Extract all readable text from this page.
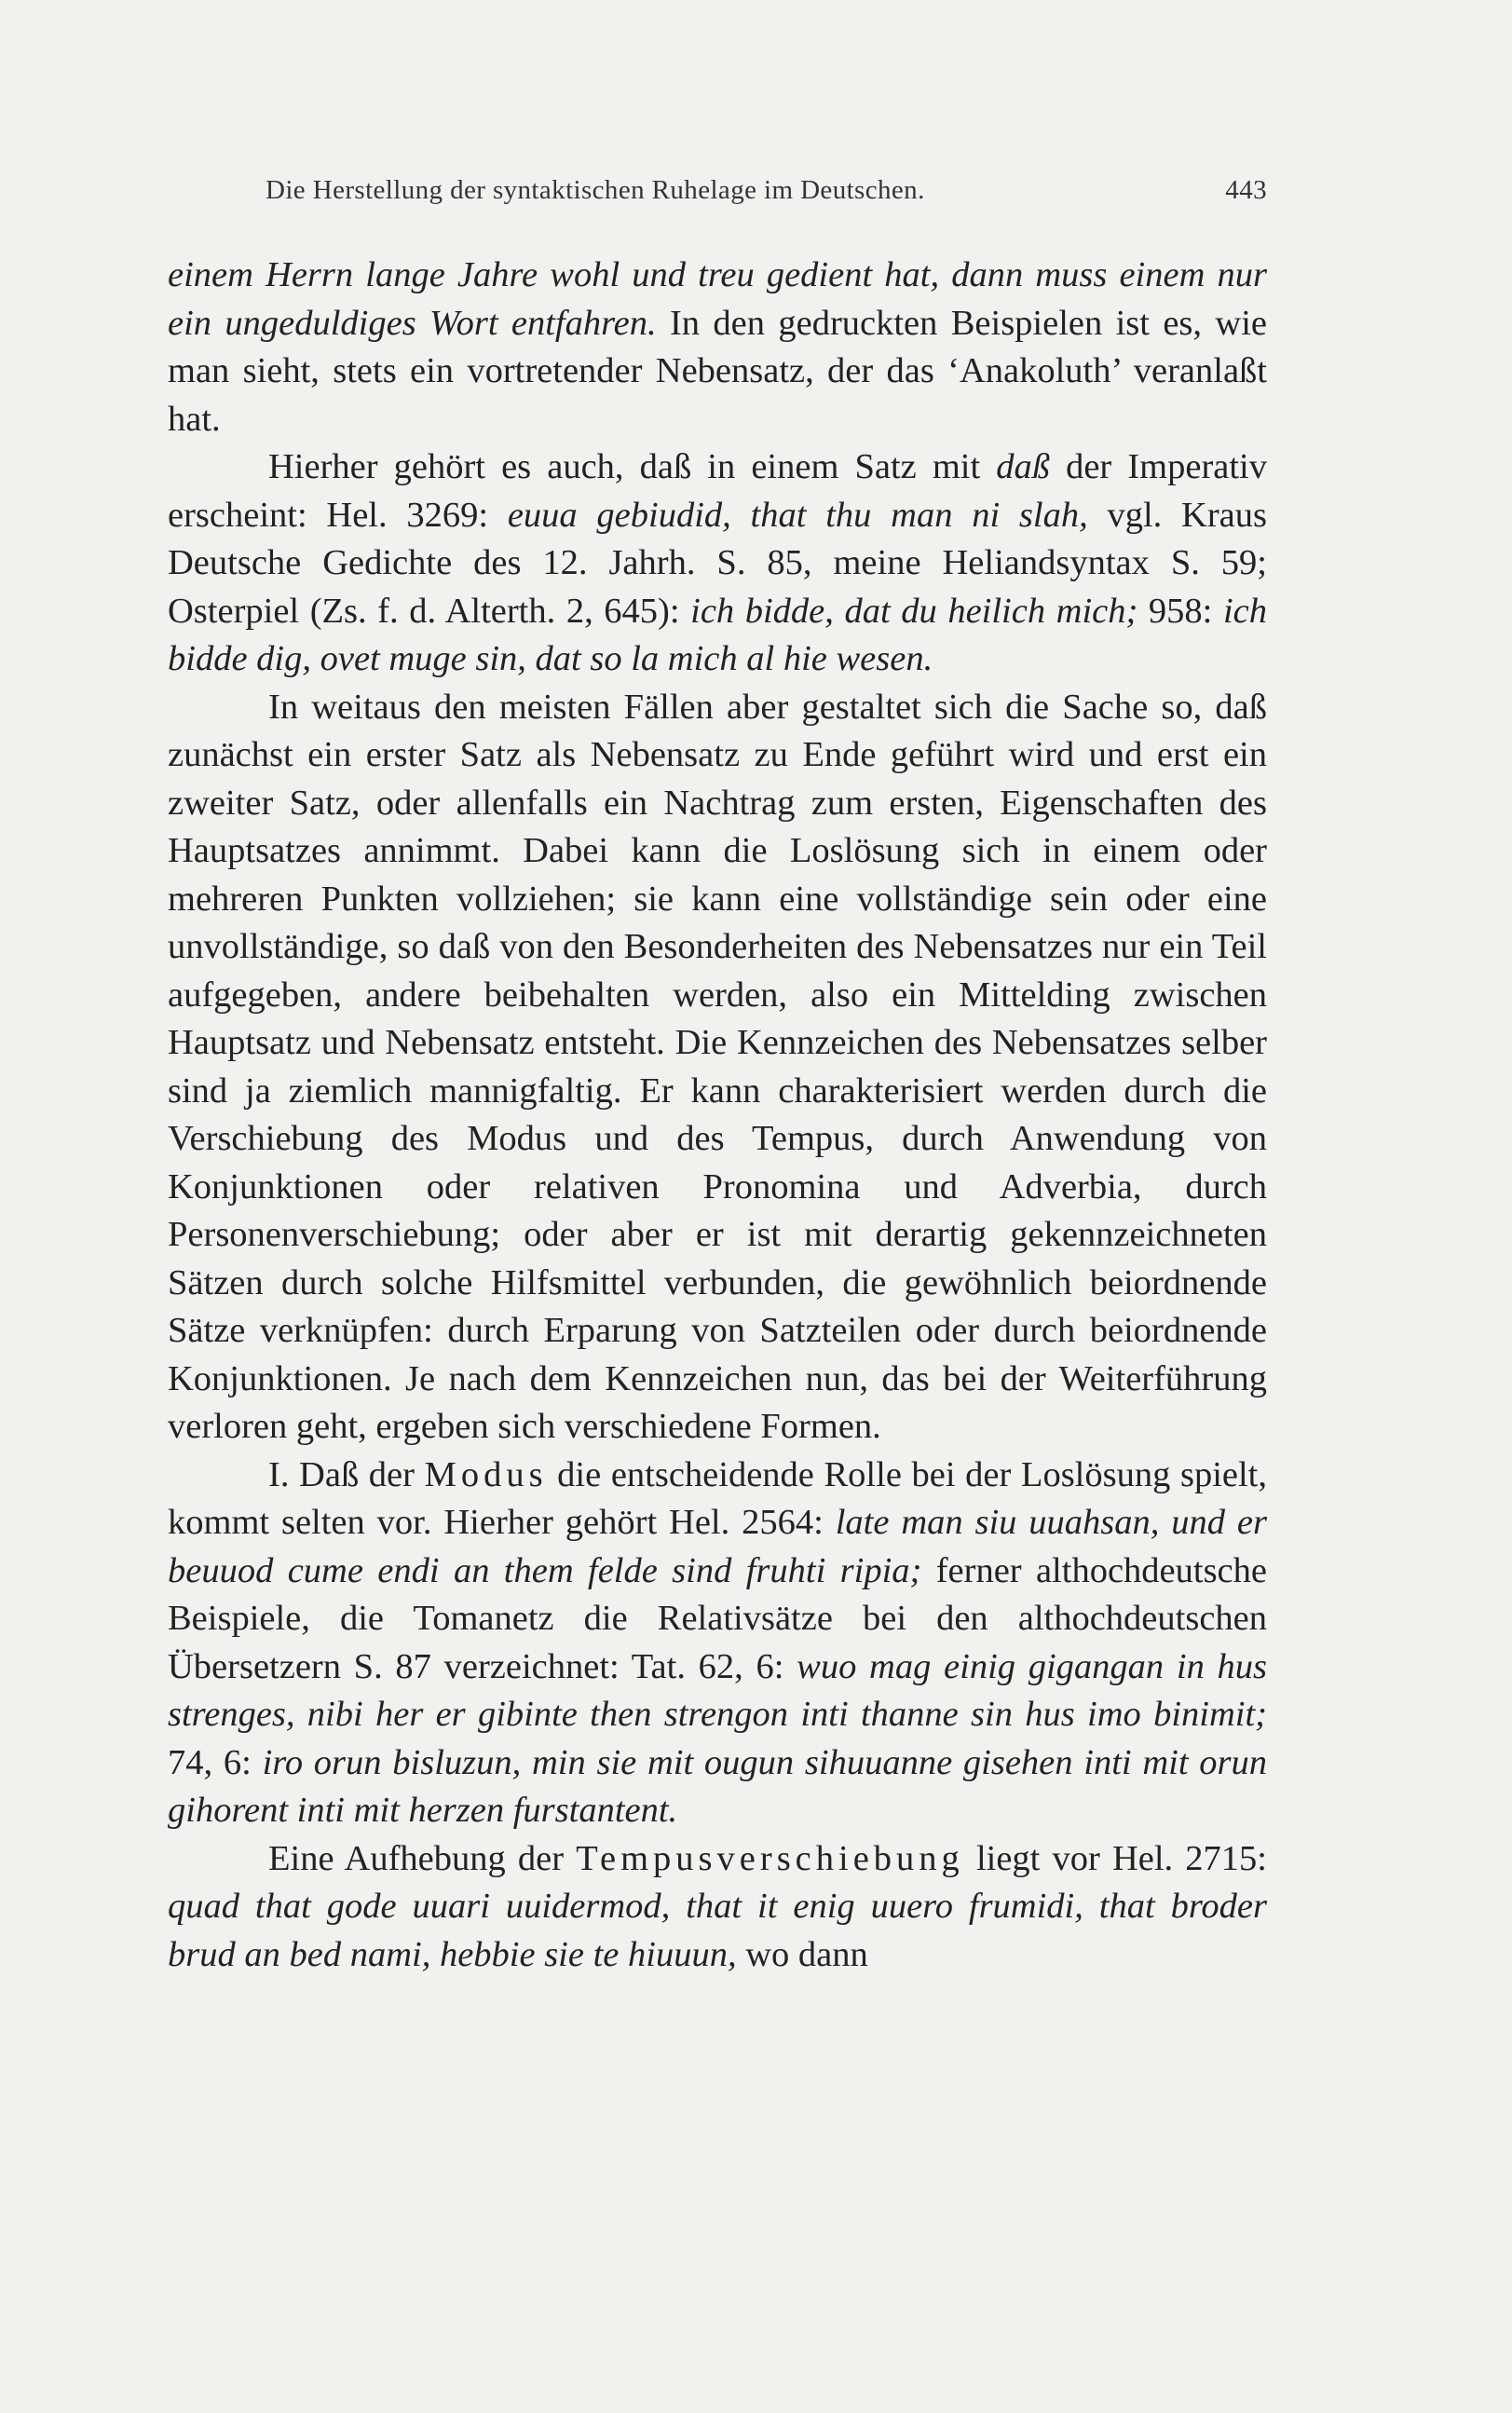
Die Herstellung der syntaktischen Ruhelage im Deutschen.	443

einem Herrn lange Jahre wohl und treu gedient hat, dann muss einem nur ein ungeduldiges Wort entfahren. In den gedruckten Beispielen ist es, wie man sieht, stets ein vortretender Nebensatz, der das ‘Anakoluth’ veranlaßt hat.

Hierher gehört es auch, daß in einem Satz mit daß der Imperativ erscheint: Hel. 3269: euua gebiudid, that thu man ni slah, vgl. Kraus Deutsche Gedichte des 12. Jahrh. S. 85, meine Heliandsyntax S. 59; Osterpiel (Zs. f. d. Alterth. 2, 645): ich bidde, dat du heilich mich; 958: ich bidde dig, ovet muge sin, dat so la mich al hie wesen.

In weitaus den meisten Fällen aber gestaltet sich die Sache so, daß zunächst ein erster Satz als Nebensatz zu Ende geführt wird und erst ein zweiter Satz, oder allenfalls ein Nachtrag zum ersten, Eigenschaften des Hauptsatzes annimmt. Dabei kann die Loslösung sich in einem oder mehreren Punkten vollziehen; sie kann eine vollständige sein oder eine unvollständige, so daß von den Besonderheiten des Nebensatzes nur ein Teil aufgegeben, andere beibehalten werden, also ein Mittelding zwischen Hauptsatz und Nebensatz entsteht. Die Kennzeichen des Nebensatzes selber sind ja ziemlich mannigfaltig. Er kann charakterisiert werden durch die Verschiebung des Modus und des Tempus, durch Anwendung von Konjunktionen oder relativen Pronomina und Adverbia, durch Personenverschiebung; oder aber er ist mit derartig gekennzeichneten Sätzen durch solche Hilfsmittel verbunden, die gewöhnlich beiordnende Sätze verknüpfen: durch Erparung von Satzteilen oder durch beiordnende Konjunktionen. Je nach dem Kennzeichen nun, das bei der Weiterführung verloren geht, ergeben sich verschiedene Formen.

I. Daß der Modus die entscheidende Rolle bei der Loslösung spielt, kommt selten vor. Hierher gehört Hel. 2564: late man siu uuahsan, und er beuuod cume endi an them felde sind fruhti ripia; ferner althochdeutsche Beispiele, die Tomanetz die Relativsätze bei den althochdeutschen Übersetzern S. 87 verzeichnet: Tat. 62, 6: wuo mag einig gigangan in hus strenges, nibi her er gibinte then strengon inti thanne sin hus imo binimit; 74, 6: iro orun bisluzun, min sie mit ougun sihuuanne gisehen inti mit orun gihorent inti mit herzen furstantent.

Eine Aufhebung der Tempusverschiebung liegt vor Hel. 2715: quad that gode uuari uuidermod, that it enig uuero frumidi, that broder brud an bed nami, hebbie sie te hiuuun, wo dann
